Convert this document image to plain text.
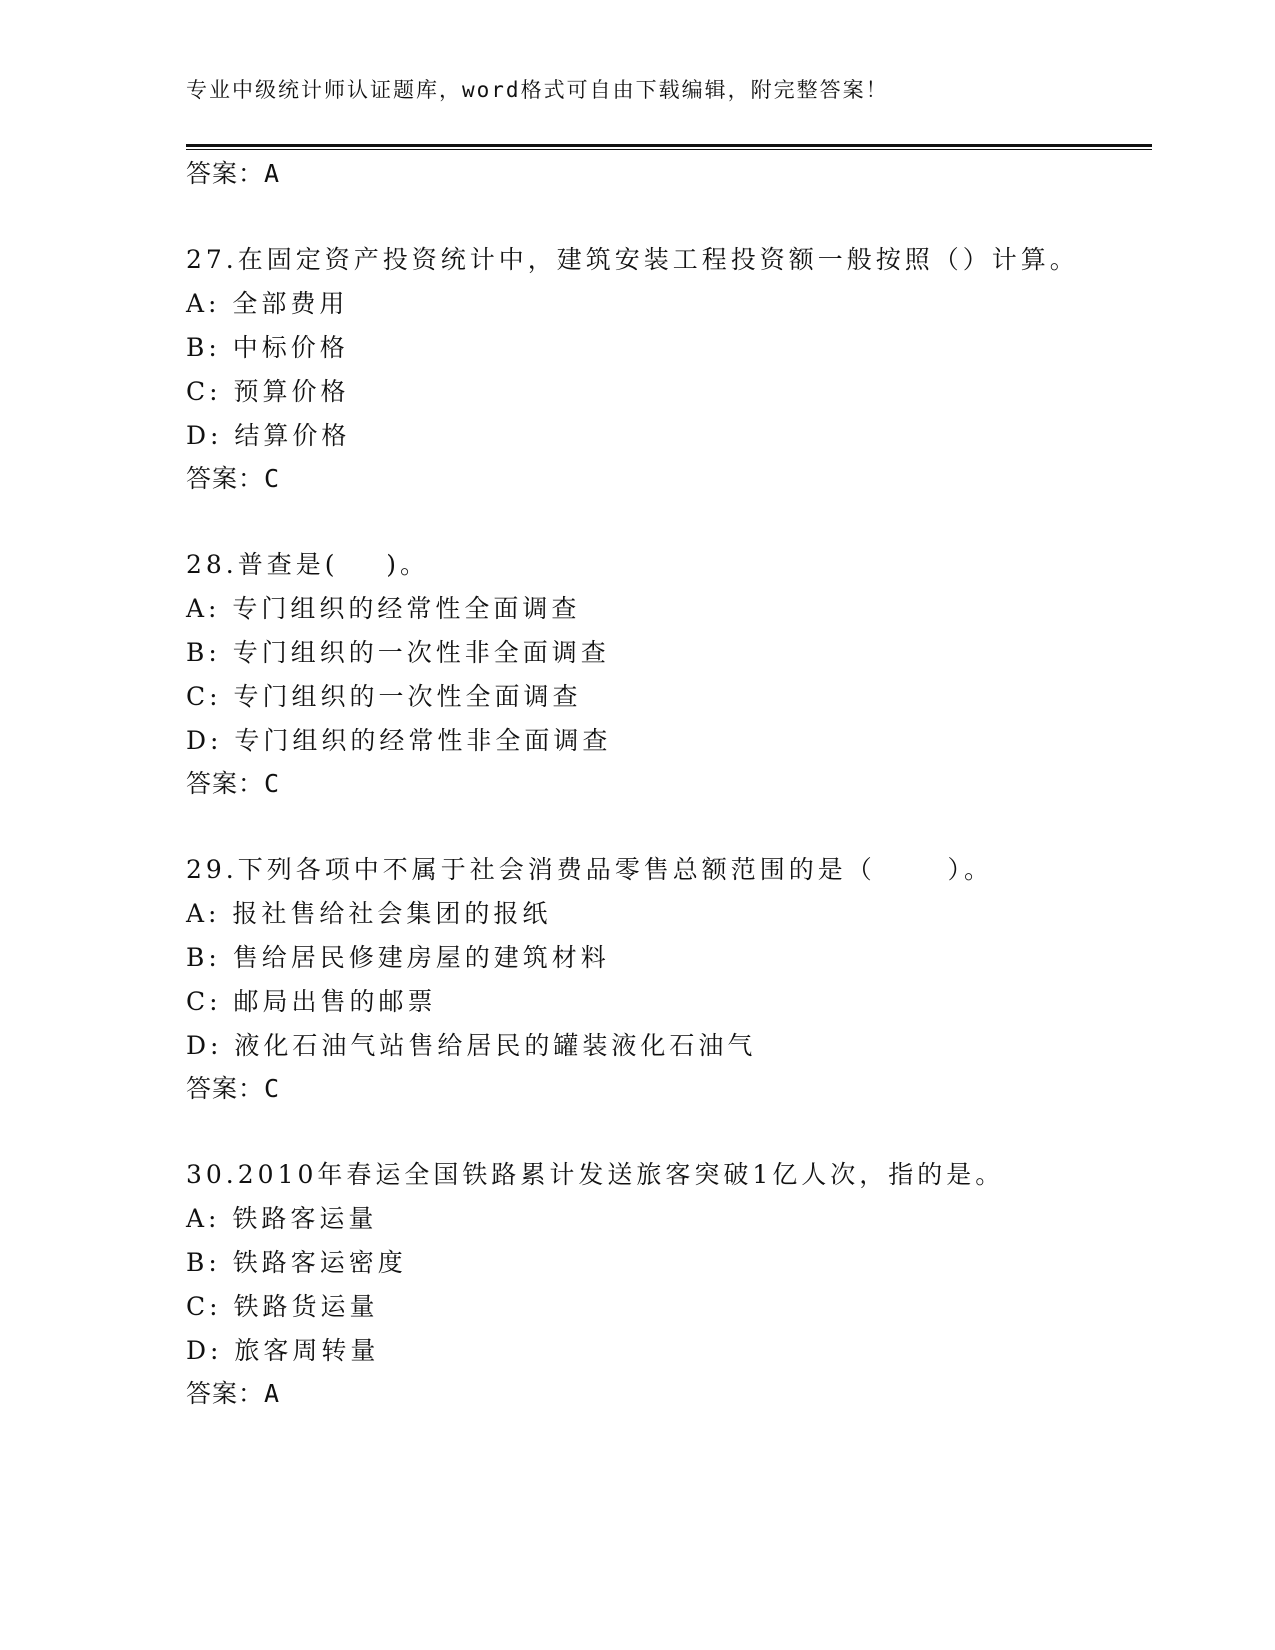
专业中级统计师认证题库，word格式可自由下载编辑，附完整答案！
答案：A
27.在固定资产投资统计中，建筑安装工程投资额一般按照（）计算。
A: 全部费用
B: 中标价格
C: 预算价格
D: 结算价格
答案：C
28.普查是(    )。
A: 专门组织的经常性全面调查
B: 专门组织的一次性非全面调查
C: 专门组织的一次性全面调查
D: 专门组织的经常性非全面调查
答案：C
29.下列各项中不属于社会消费品零售总额范围的是（      ）。
A: 报社售给社会集团的报纸
B: 售给居民修建房屋的建筑材料
C: 邮局出售的邮票
D: 液化石油气站售给居民的罐装液化石油气
答案：C
30.2010年春运全国铁路累计发送旅客突破1亿人次，指的是。
A: 铁路客运量
B: 铁路客运密度
C: 铁路货运量
D: 旅客周转量
答案：A
